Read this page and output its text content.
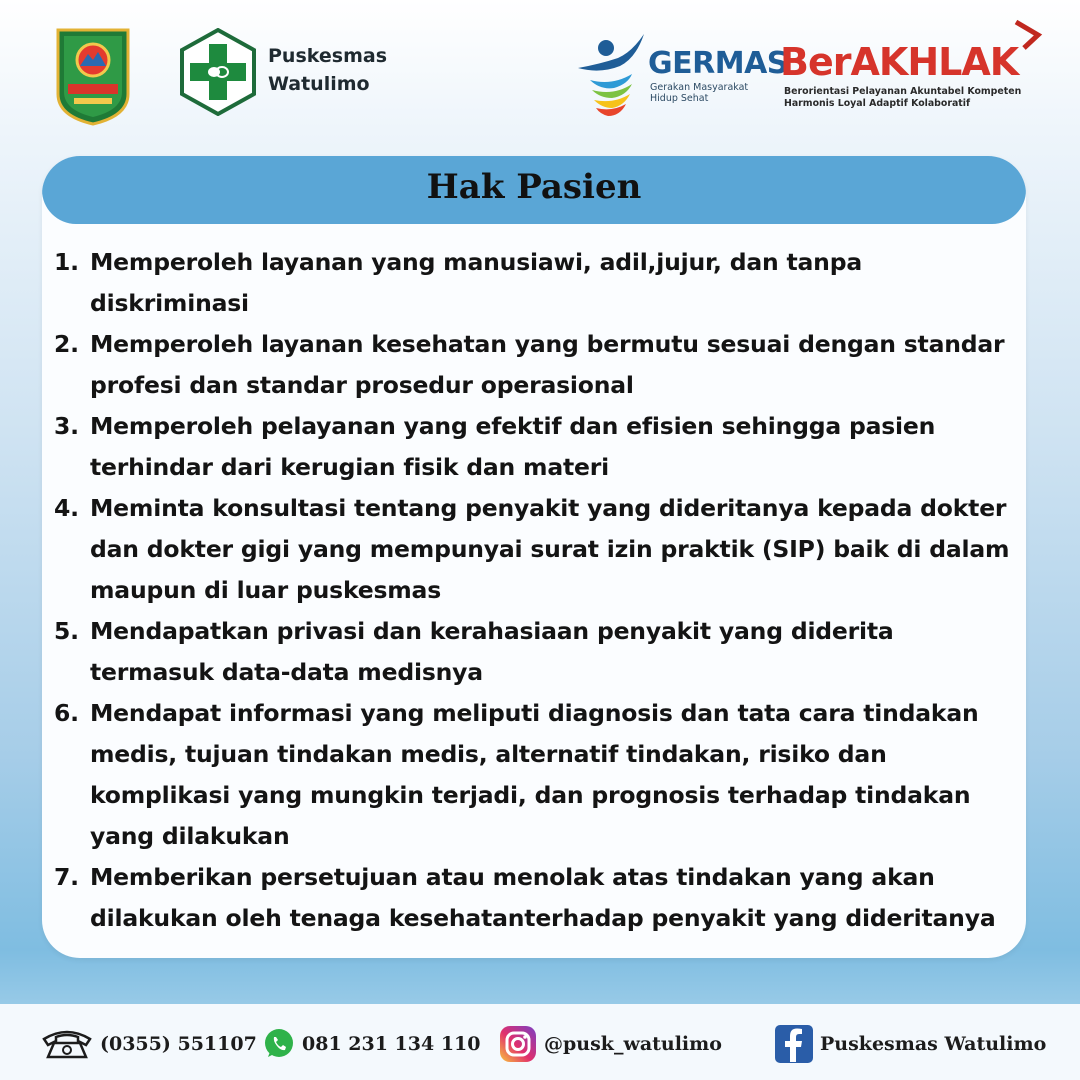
Puskesmas
Watulimo
GERMAS
Gerakan Masyarakat
Hidup Sehat
BerAKHLAK
Berorientasi Pelayanan Akuntabel Kompeten
Harmonis Loyal Adaptif Kolaboratif
Hak Pasien
1. Memperoleh layanan yang manusiawi, adil,jujur, dan tanpa diskriminasi
2. Memperoleh layanan kesehatan yang bermutu sesuai dengan standar profesi dan standar prosedur operasional
3. Memperoleh pelayanan yang efektif dan efisien sehingga pasien terhindar dari kerugian fisik dan materi
4. Meminta konsultasi tentang penyakit yang dideritanya kepada dokter dan dokter gigi yang mempunyai surat izin praktik (SIP) baik di dalam maupun di luar puskesmas
5. Mendapatkan privasi dan kerahasiaan penyakit yang diderita termasuk data-data medisnya
6. Mendapat informasi yang meliputi diagnosis dan tata cara tindakan medis, tujuan tindakan medis, alternatif tindakan, risiko dan komplikasi yang mungkin terjadi, dan prognosis terhadap tindakan yang dilakukan
7. Memberikan persetujuan atau menolak atas tindakan yang akan dilakukan oleh tenaga kesehatanterhadap penyakit yang dideritanya
(0355) 551107 081 231 134 110	@pusk_watulimo	Puskesmas Watulimo
